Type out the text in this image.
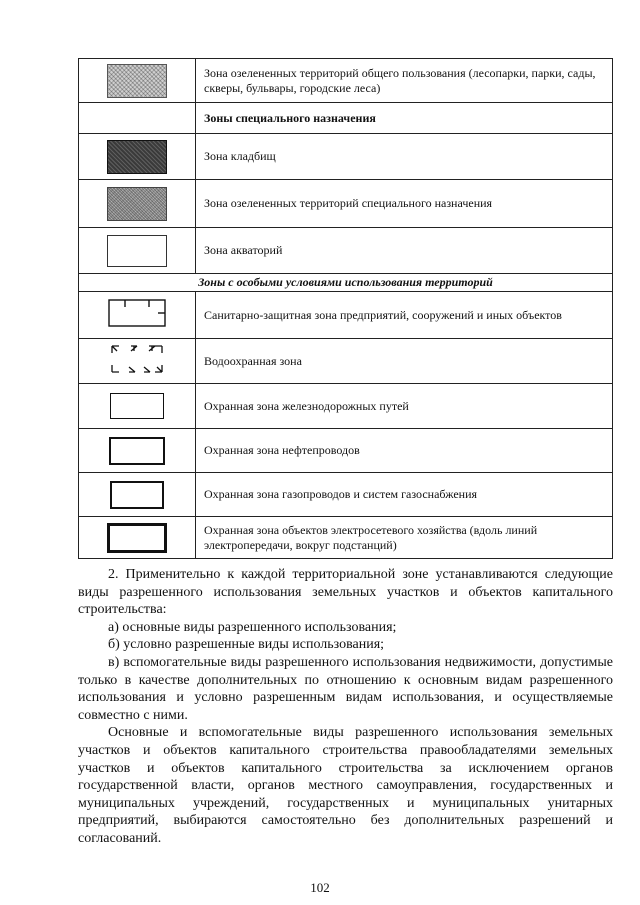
	Зона озелененных территорий общего пользования (лесопарки, парки, сады, скверы, бульвары, городские леса)
	Зоны специального назначения
	Зона кладбищ
	Зона озелененных территорий специального назначения
	Зона акваторий
Зоны с особыми условиями использования территорий	
	Санитарно-защитная зона предприятий, сооружений и иных объектов
	Водоохранная зона
	Охранная зона железнодорожных путей
	Охранная зона нефтепроводов
	Охранная зона газопроводов и систем газоснабжения
	Охранная зона объектов электросетевого хозяйства (вдоль линий электропередачи, вокруг подстанций)

2. Применительно к каждой территориальной зоне устанавливаются следующие виды разрешенного использования земельных участков и объектов капитального строительства:

а) основные виды разрешенного использования;

б) условно разрешенные виды использования;

в) вспомогательные виды разрешенного использования недвижимости, допустимые только в качестве дополнительных по отношению к основным видам разрешенного использования и условно разрешенным видам использования, и осуществляемые совместно с ними.

Основные и вспомогательные виды разрешенного использования земельных участков и объектов капитального строительства правообладателями земельных участков и объектов капитального строительства за исключением органов государственной власти, органов местного самоуправления, государственных и муниципальных учреждений, государственных и муниципальных унитарных предприятий, выбираются самостоятельно без дополнительных разрешений и согласований.

102
